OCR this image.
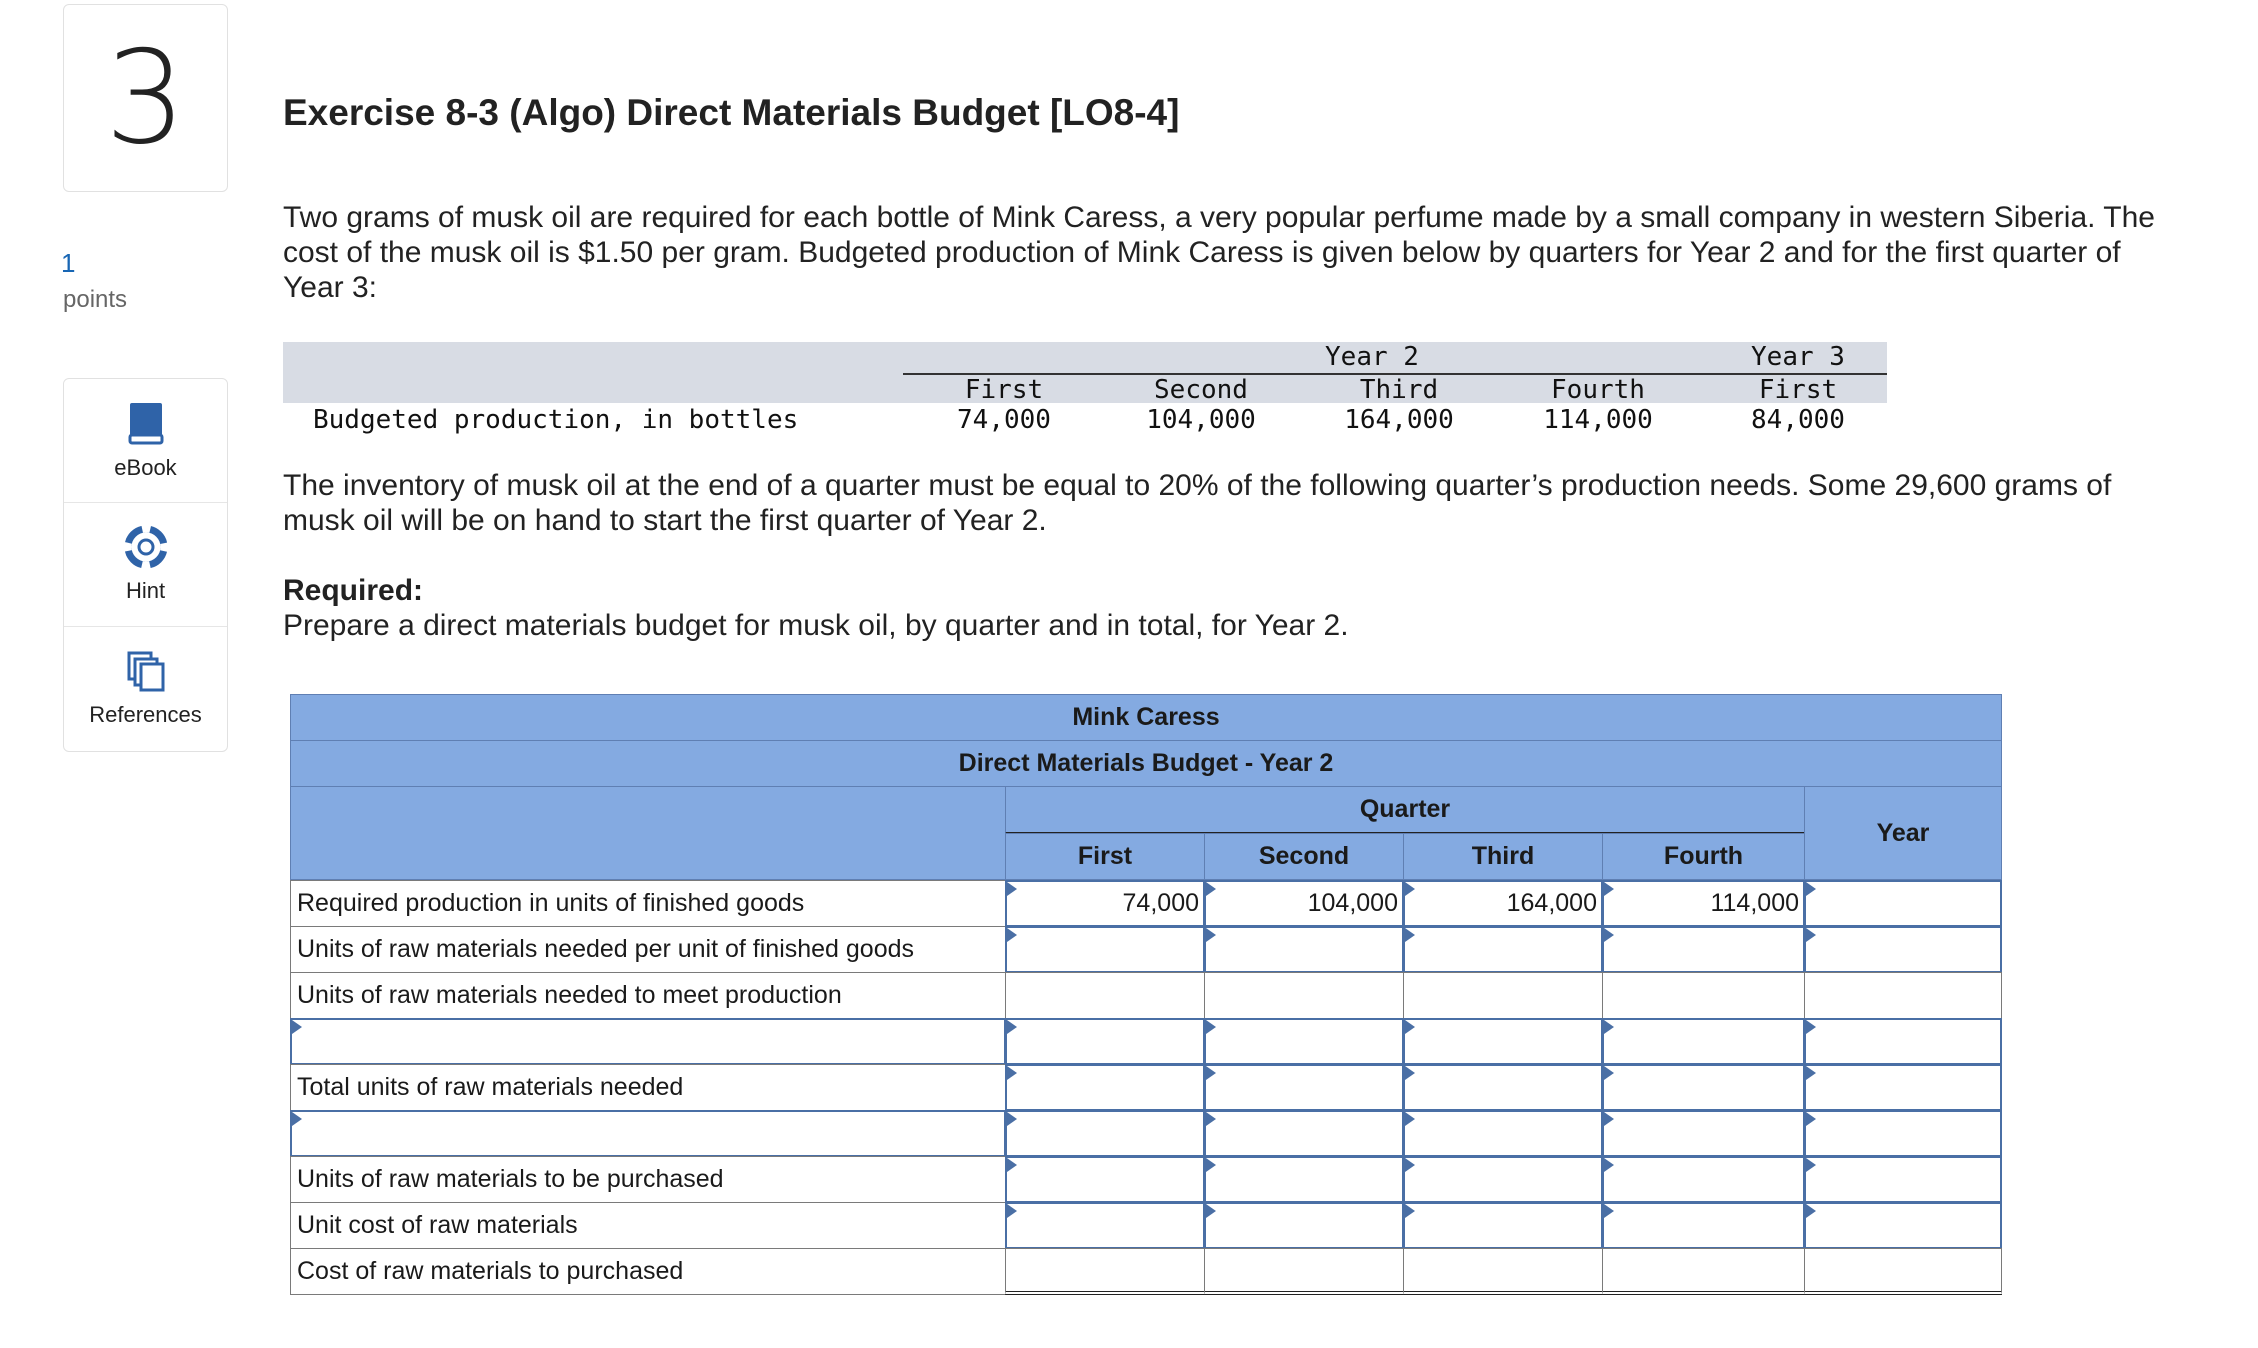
3
1
points
eBook
Hint
References
Exercise 8-3 (Algo) Direct Materials Budget [LO8-4]
Two grams of musk oil are required for each bottle of Mink Caress, a very popular perfume made by a small company in western Siberia. The cost of the musk oil is $1.50 per gram. Budgeted production of Mink Caress is given below by quarters for Year 2 and for the first quarter of Year 3:
Year 2	Year 3
First	Second	Third	Fourth	First
Budgeted production, in bottles	74,000	104,000	164,000	114,000	84,000
The inventory of musk oil at the end of a quarter must be equal to 20% of the following quarter’s production needs. Some 29,600 grams of musk oil will be on hand to start the first quarter of Year 2.
Required:
Prepare a direct materials budget for musk oil, by quarter and in total, for Year 2.
Mink Caress
Direct Materials Budget - Year 2
Quarter
Year
First	Second	Third	Fourth
Required production in units of finished goods	74,000	104,000	164,000	114,000
Units of raw materials needed per unit of finished goods
Units of raw materials needed to meet production
Total units of raw materials needed
Units of raw materials to be purchased
Unit cost of raw materials
Cost of raw materials to purchased
